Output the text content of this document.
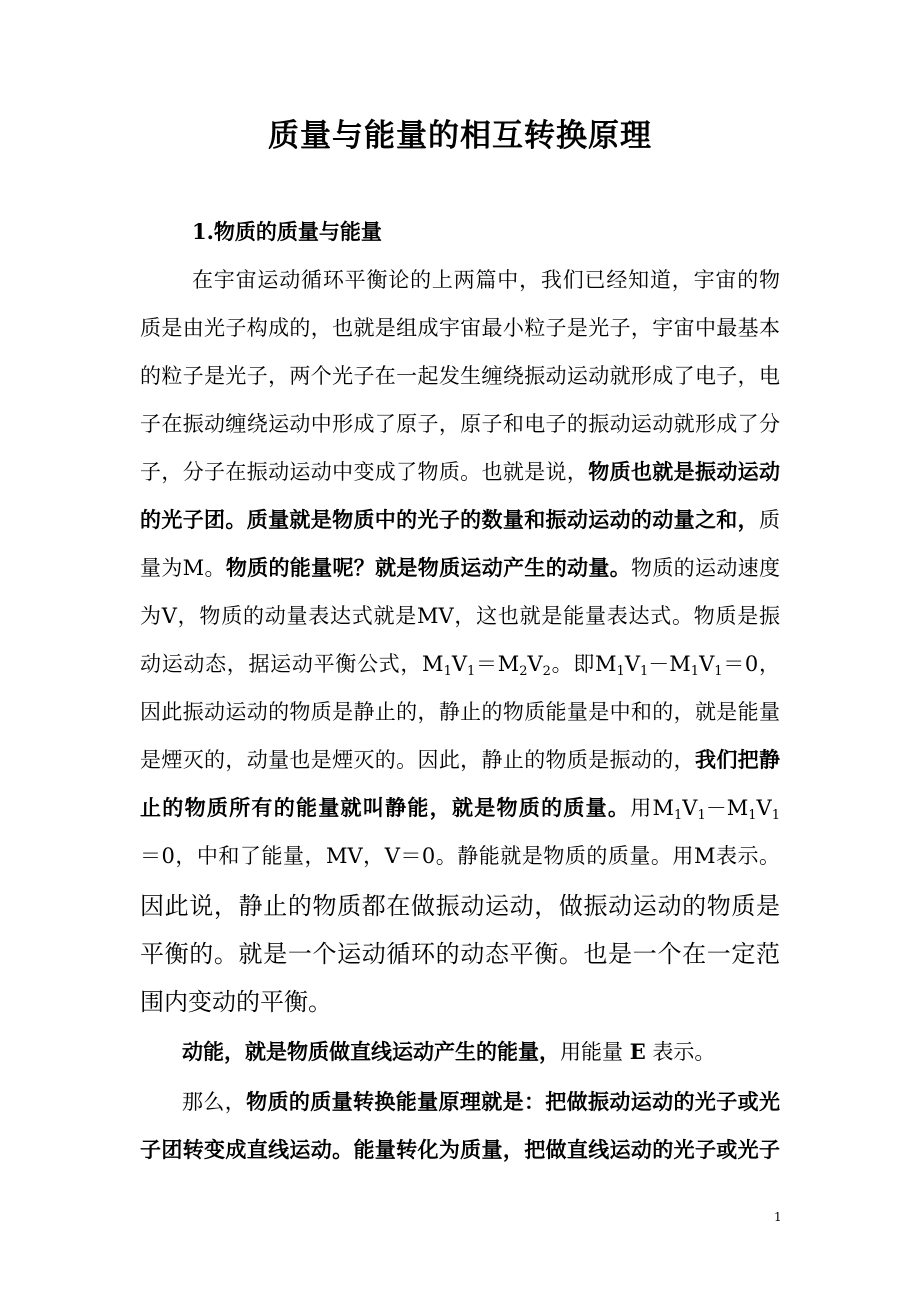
质量与能量的相互转换原理

1.物质的质量与能量

在宇宙运动循环平衡论的上两篇中，我们已经知道，宇宙的物

质是由光子构成的，也就是组成宇宙最小粒子是光子，宇宙中最基本

的粒子是光子，两个光子在一起发生缠绕振动运动就形成了电子，电

子在振动缠绕运动中形成了原子，原子和电子的振动运动就形成了分

子，分子在振动运动中变成了物质。也就是说，物质也就是振动运动

的光子团。质量就是物质中的光子的数量和振动运动的动量之和，质

量为M。物质的能量呢？就是物质运动产生的动量。物质的运动速度

为V，物质的动量表达式就是MV，这也就是能量表达式。物质是振

动运动态，据运动平衡公式，$M_1V_1=M_2V_2$。即$M_1V_1-M_1V_1=0$，

因此振动运动的物质是静止的，静止的物质能量是中和的，就是能量

是煙灭的，动量也是煙灭的。因此，静止的物质是振动的，我们把静

止的物质所有的能量就叫静能，就是物质的质量。用$M_1V_1-M_1V_1$

＝0，中和了能量，MV，V＝0。静能就是物质的质量。用M表示。

因此说，静止的物质都在做振动运动，做振动运动的物质是

平衡的。就是一个运动循环的动态平衡。也是一个在一定范

围内变动的平衡。

动能，就是物质做直线运动产生的能量，用能量 E 表示。

那么，物质的质量转换能量原理就是：把做振动运动的光子或光

子团转变成直线运动。能量转化为质量，把做直线运动的光子或光子

1
